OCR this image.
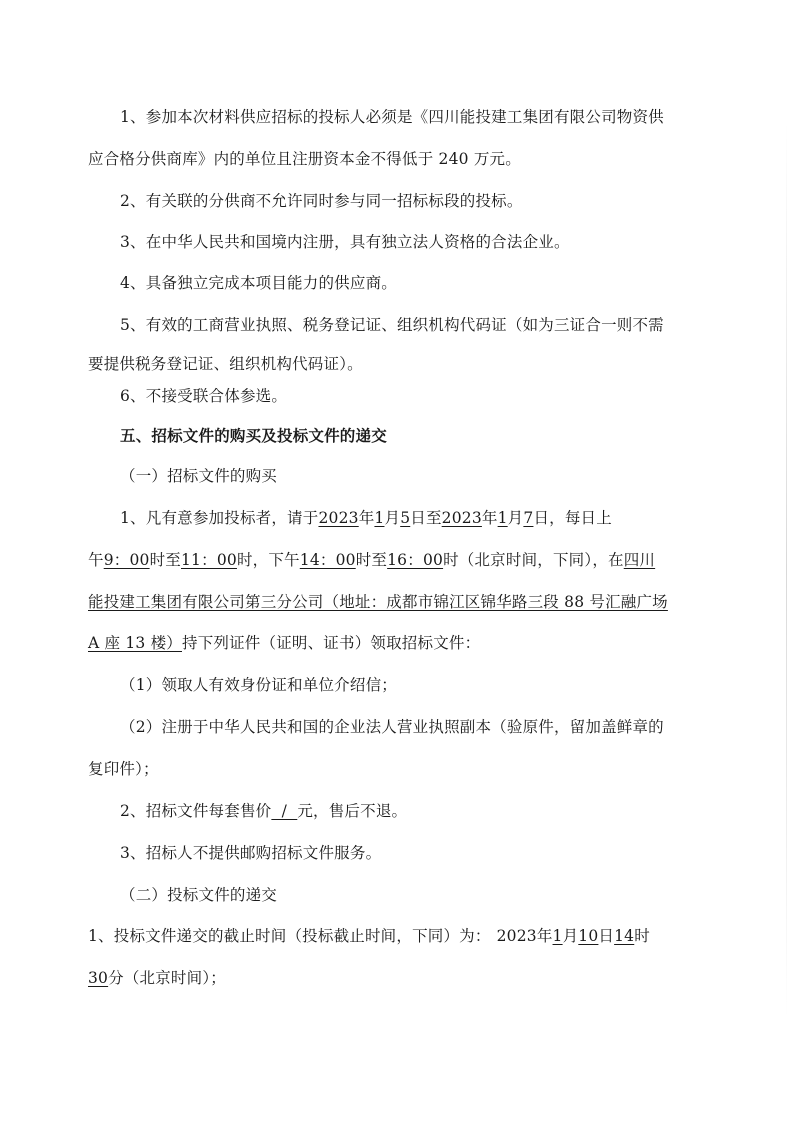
1、参加本次材料供应招标的投标人必须是《四川能投建工集团有限公司物资供
应合格分供商库》内的单位且注册资本金不得低于 240 万元。
2、有关联的分供商不允许同时参与同一招标标段的投标。
3、在中华人民共和国境内注册，具有独立法人资格的合法企业。
4、具备独立完成本项目能力的供应商。
5、有效的工商营业执照、税务登记证、组织机构代码证（如为三证合一则不需
要提供税务登记证、组织机构代码证）。
6、不接受联合体参选。
五、招标文件的购买及投标文件的递交
（一）招标文件的购买
1、凡有意参加投标者，请于2023年1月5日至2023年1月7日，每日上
午9：00时至11：00时，下午14：00时至16：00时（北京时间，下同），在四川
能投建工集团有限公司第三分公司（地址：成都市锦江区锦华路三段 88 号汇融广场
A 座 13 楼）持下列证件（证明、证书）领取招标文件：
（1）领取人有效身份证和单位介绍信；
（2）注册于中华人民共和国的企业法人营业执照副本（验原件，留加盖鲜章的
复印件）；
2、招标文件每套售价  /  元，售后不退。
3、招标人不提供邮购招标文件服务。
（二）投标文件的递交
1、投标文件递交的截止时间（投标截止时间，下同）为： 2023年1月10日14时
30分（北京时间）；
